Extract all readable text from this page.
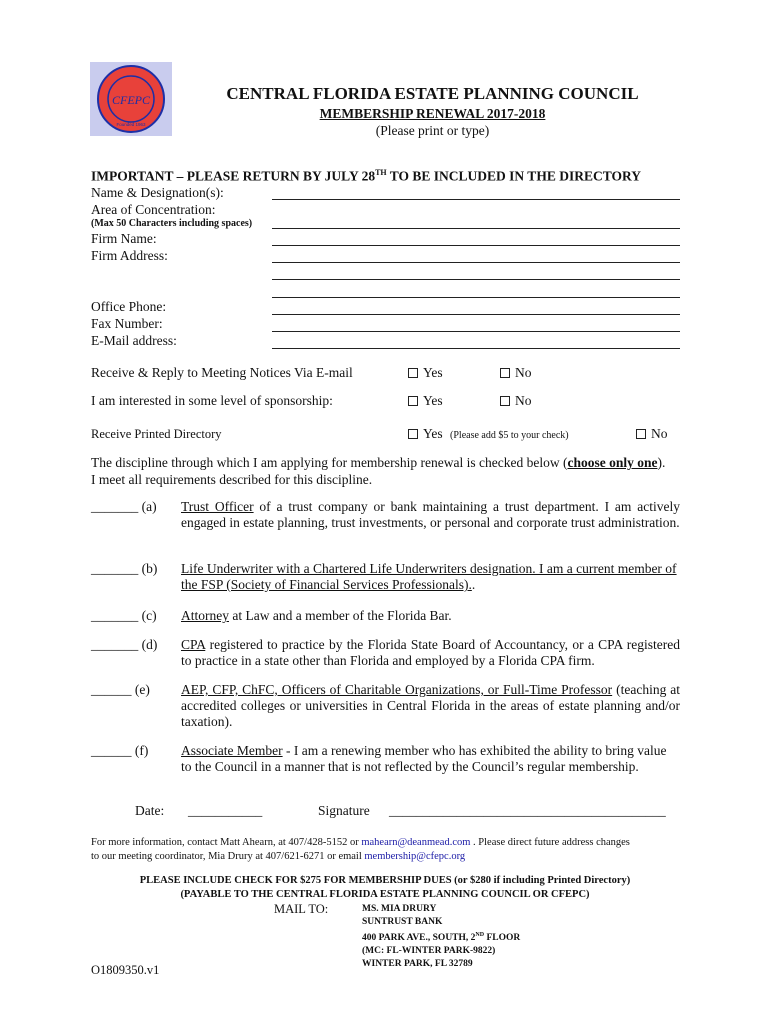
CFEPC
Founded 1963
CENTRAL FLORIDA ESTATE PLANNING COUNCIL
MEMBERSHIP RENEWAL 2017-2018
(Please print or type)
IMPORTANT – PLEASE RETURN BY JULY 28TH TO BE INCLUDED IN THE DIRECTORY
Name & Designation(s):
Area of Concentration:
(Max 50 Characters including spaces)
Firm Name:
Firm Address:
Office Phone:
Fax Number:
E-Mail address:
Receive & Reply to Meeting Notices Via E-mail	Yes	No
I am interested in some level of sponsorship:	Yes	No
Receive Printed Directory	Yes (Please add $5 to your check)	No
The discipline through which I am applying for membership renewal is checked below (choose only one).
I meet all requirements described for this discipline.
_______ (a) Trust Officer of a trust company or bank maintaining a trust department. I am actively engaged in estate planning, trust investments, or personal and corporate trust administration.
_______ (b) Life Underwriter with a Chartered Life Underwriters designation. I am a current member of the FSP (Society of Financial Services Professionals)..
_______ (c) Attorney at Law and a member of the Florida Bar.
_______ (d) CPA registered to practice by the Florida State Board of Accountancy, or a CPA registered to practice in a state other than Florida and employed by a Florida CPA firm.
______ (e) AEP, CFP, ChFC, Officers of Charitable Organizations, or Full-Time Professor (teaching at accredited colleges or universities in Central Florida in the areas of estate planning and/or taxation).
______ (f) Associate Member - I am a renewing member who has exhibited the ability to bring value to the Council in a manner that is not reflected by the Council’s regular membership.
Date: ___________	Signature _________________________________________
For more information, contact Matt Ahearn, at 407/428-5152 or mahearn@deanmead.com . Please direct future address changes
to our meeting coordinator, Mia Drury at 407/621-6271 or email membership@cfepc.org
PLEASE INCLUDE CHECK FOR $275 FOR MEMBERSHIP DUES (or $280 if including Printed Directory)
(PAYABLE TO THE CENTRAL FLORIDA ESTATE PLANNING COUNCIL OR CFEPC)
MAIL TO:	MS. MIA DRURY
SUNTRUST BANK
400 PARK AVE., SOUTH, 2ND FLOOR
(MC: FL-WINTER PARK-9822)
WINTER PARK, FL 32789
O1809350.v1
